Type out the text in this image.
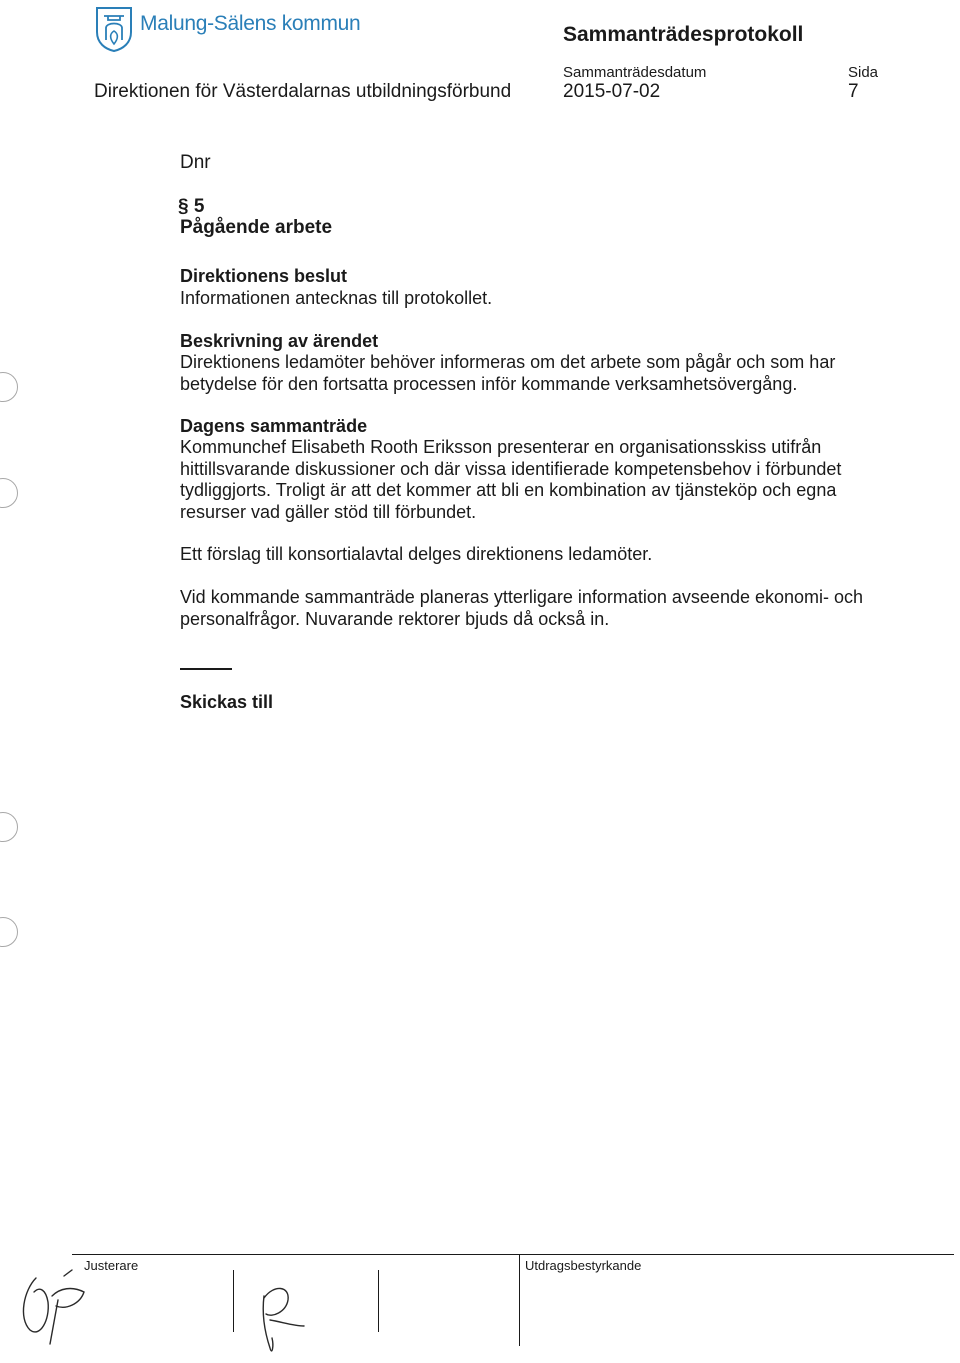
Malung-Sälens kommun	Sammanträdesprotokoll
Sammanträdesdatum	Sida
Direktionen för Västerdalarnas utbildningsförbund	2015-07-02	7
Dnr
§ 5
Pågående arbete
Direktionens beslut
Informationen antecknas till protokollet.
Beskrivning av ärendet
Direktionens ledamöter behöver informeras om det arbete som pågår och som har betydelse för den fortsatta processen inför kommande verksamhetsövergång.
Dagens sammanträde
Kommunchef Elisabeth Rooth Eriksson presenterar en organisationsskiss utifrån hittillsvarande diskussioner och där vissa identifierade kompetensbehov i förbundet tydliggjorts. Troligt är att det kommer att bli en kombination av tjänsteköp och egna resurser vad gäller stöd till förbundet.
Ett förslag till konsortialavtal delges direktionens ledamöter.
Vid kommande sammanträde planeras ytterligare information avseende ekonomi- och personalfrågor. Nuvarande rektorer bjuds då också in.
Skickas till
Justerare	Utdragsbestyrkande
